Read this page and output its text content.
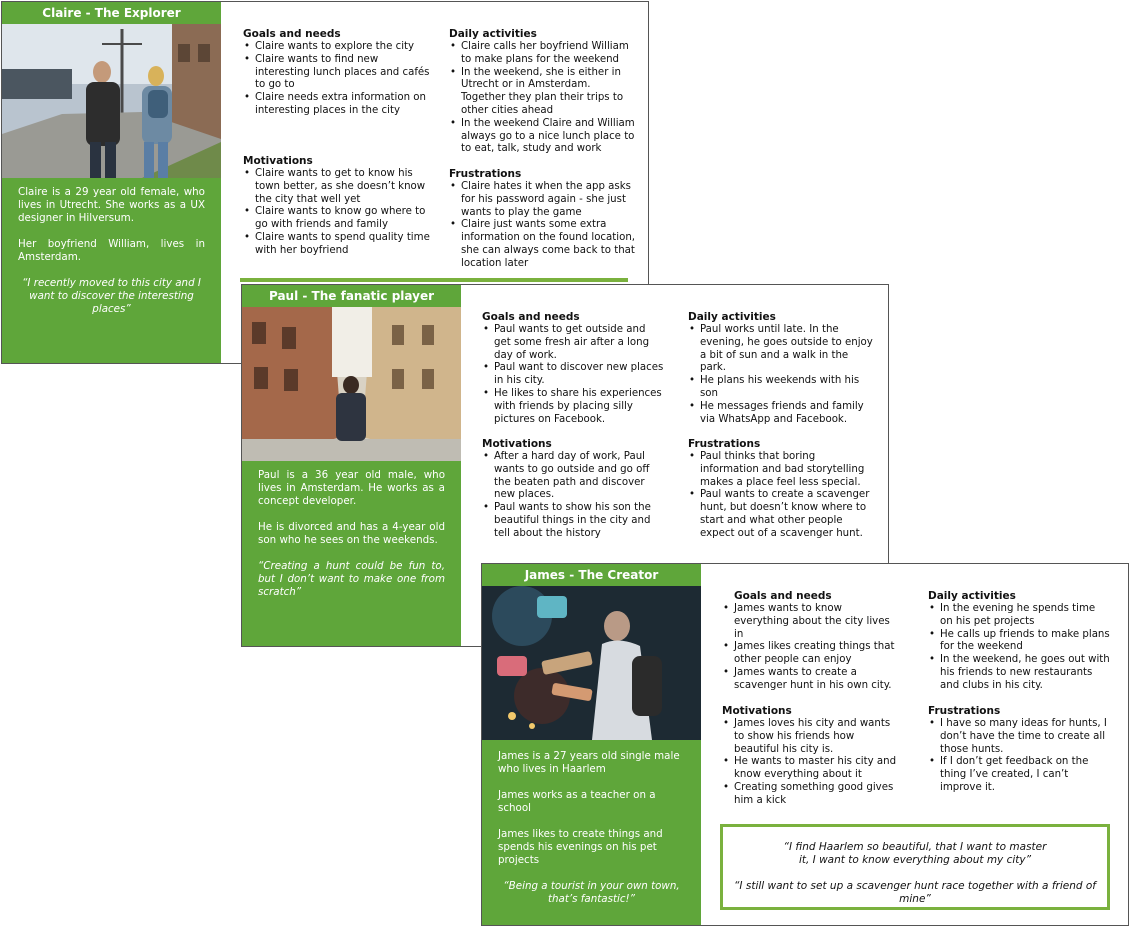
Claire - The Explorer

Claire is a 29 year old female, who lives in Utrecht. She works as a UX designer in Hilversum.

Her boyfriend William, lives in Amsterdam.

“I recently moved to this city and I want to discover the interesting places”

Goals and needs
• Claire wants to explore the city
• Claire wants to find new interesting lunch places and cafés to go to
• Claire needs extra information on interesting places in the city
Motivations
• Claire wants to get to know his town better, as she doesn’t know the city that well yet
• Claire wants to know go where to go with friends and family
• Claire wants to spend quality time with her boyfriend
Daily activities
• Claire calls her boyfriend William to make plans for the weekend
• In the weekend, she is either in Utrecht or in Amsterdam. Together they plan their trips to other cities ahead
• In the weekend Claire and William always go to a nice lunch place to to eat, talk, study and work
Frustrations
• Claire hates it when the app asks for his password again - she just wants to play the game
• Claire just wants some extra information on the found location, she can always come back to that location later
Paul - The fanatic player

Paul is a 36 year old male, who lives in Amsterdam. He works as a concept developer.

He is divorced and has a 4-year old son who he sees on the weekends.

“Creating a hunt could be fun to, but I don’t want to make one from scratch”

Goals and needs
• Paul wants to get outside and get some fresh air after a long day of work.
• Paul want to discover new places in his city.
• He likes to share his experiences with friends by placing silly pictures on Facebook.
Motivations
• After a hard day of work, Paul wants to go outside and go off the beaten path and discover new places.
• Paul wants to show his son the beautiful things in the city and tell about the history
Daily activities
• Paul works until late. In the evening, he goes outside to enjoy a bit of sun and a walk in the park.
• He plans his weekends with his son
• He messages friends and family via WhatsApp and Facebook.
Frustrations
• Paul thinks that boring information and bad storytelling makes a place feel less special.
• Paul wants to create a scavenger hunt, but doesn’t know where to start and what other people expect out of a scavenger hunt.
James - The Creator

James is a 27 years old single male who lives in Haarlem

James works as a teacher on a school

James likes to create things and spends his evenings on his pet projects

“Being a tourist in your own town, that’s fantastic!”

Goals and needs
• James wants to know everything about the city lives in
• James likes creating things that other people can enjoy
• James wants to create a scavenger hunt in his own city.
Motivations
• James loves his city and wants to show his friends how beautiful his city is.
• He wants to master his city and know everything about it
• Creating something good gives him a kick
Daily activities
• In the evening he spends time on his pet projects
• He calls up friends to make plans for the weekend
• In the weekend, he goes out with his friends to new restaurants and clubs in his city.
Frustrations
• I have so many ideas for hunts, I don’t have the time to create all those hunts.
• If I don’t get feedback on the thing I’ve created, I can’t improve it.

“I find Haarlem so beautiful, that I want to master it, I want to know everything about my city”

“I still want to set up a scavenger hunt race together with a friend of mine”
